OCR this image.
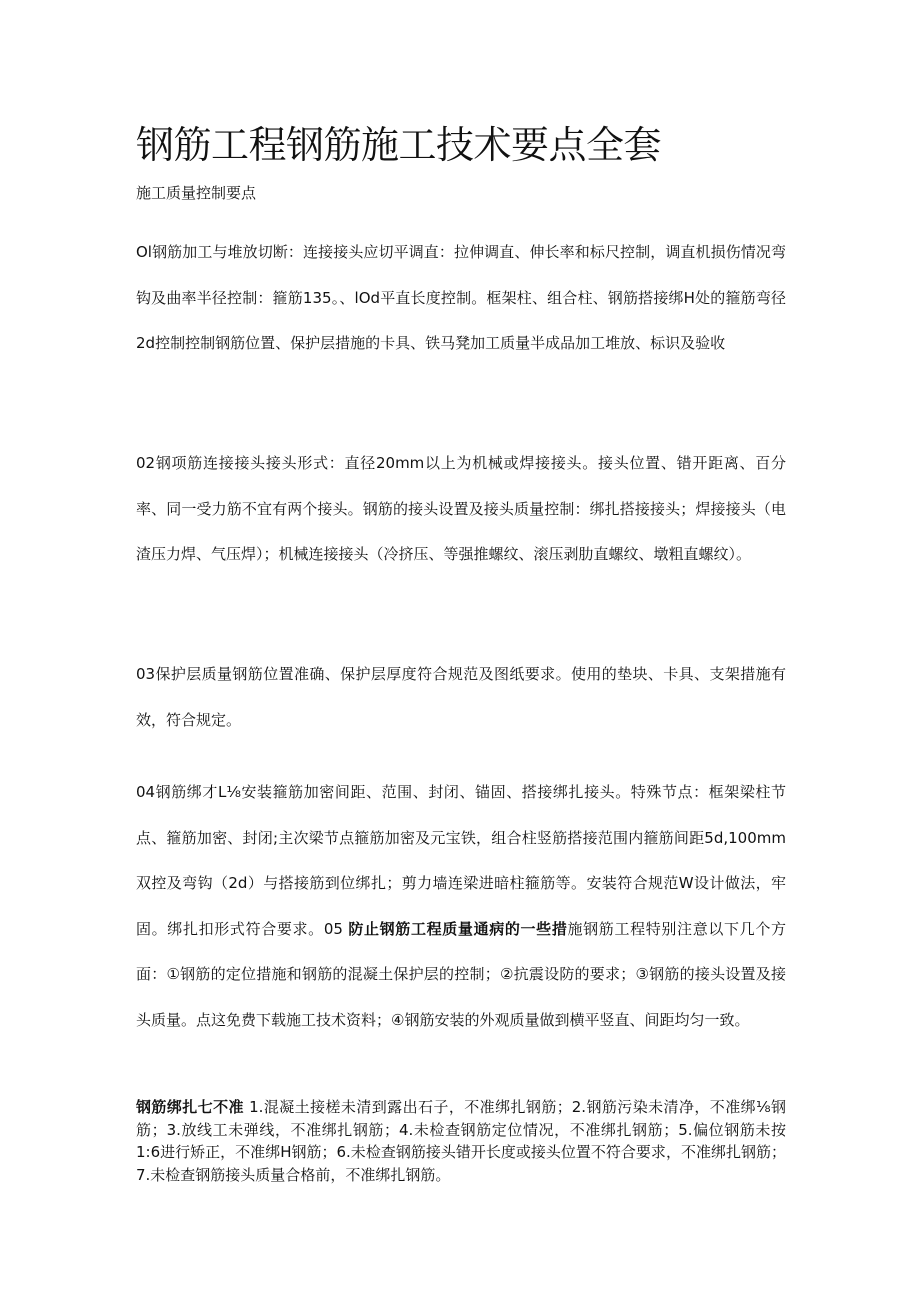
钢筋工程钢筋施工技术要点全套
施工质量控制要点
Ol钢筋加工与堆放切断：连接接头应切平调直：拉伸调直、伸长率和标尺控制，调直机损伤情况弯钩及曲率半径控制：箍筋135。、lOd平直长度控制。框架柱、组合柱、钢筋搭接绑H处的箍筋弯径2d控制控制钢筋位置、保护层措施的卡具、铁马凳加工质量半成品加工堆放、标识及验收
02钢项筋连接接头接头形式：直径20mm以上为机械或焊接接头。接头位置、错开距离、百分率、同一受力筋不宜有两个接头。钢筋的接头设置及接头质量控制：绑扎搭接接头；焊接接头（电渣压力焊、气压焊）；机械连接接头（冷挤压、等强推螺纹、滚压剥肋直螺纹、墩粗直螺纹）。
03保护层质量钢筋位置准确、保护层厚度符合规范及图纸要求。使用的垫块、卡具、支架措施有效，符合规定。
04钢筋绑才L⅛安装箍筋加密间距、范围、封闭、锚固、搭接绑扎接头。特殊节点：框架梁柱节点、箍筋加密、封闭;主次梁节点箍筋加密及元宝铁，组合柱竖筋搭接范围内箍筋间距5d,100mm双控及弯钩（2d）与搭接筋到位绑扎；剪力墙连梁进暗柱箍筋等。安装符合规范W设计做法，牢固。绑扎扣形式符合要求。05 防止钢筋工程质量通病的一些措施钢筋工程特别注意以下几个方面：①钢筋的定位措施和钢筋的混凝土保护层的控制；②抗震设防的要求；③钢筋的接头设置及接头质量。点这免费下载施工技术资料；④钢筋安装的外观质量做到横平竖直、间距均匀一致。
钢筋绑扎七不准 1.混凝土接槎未清到露出石子，不准绑扎钢筋；2.钢筋污染未清净，不准绑⅛钢筋；3.放线工未弹线，不准绑扎钢筋；4.未检查钢筋定位情况，不准绑扎钢筋；5.偏位钢筋未按1:6进行矫正，不准绑H钢筋；6.未检查钢筋接头错开长度或接头位置不符合要求，不准绑扎钢筋；7.未检查钢筋接头质量合格前，不准绑扎钢筋。
